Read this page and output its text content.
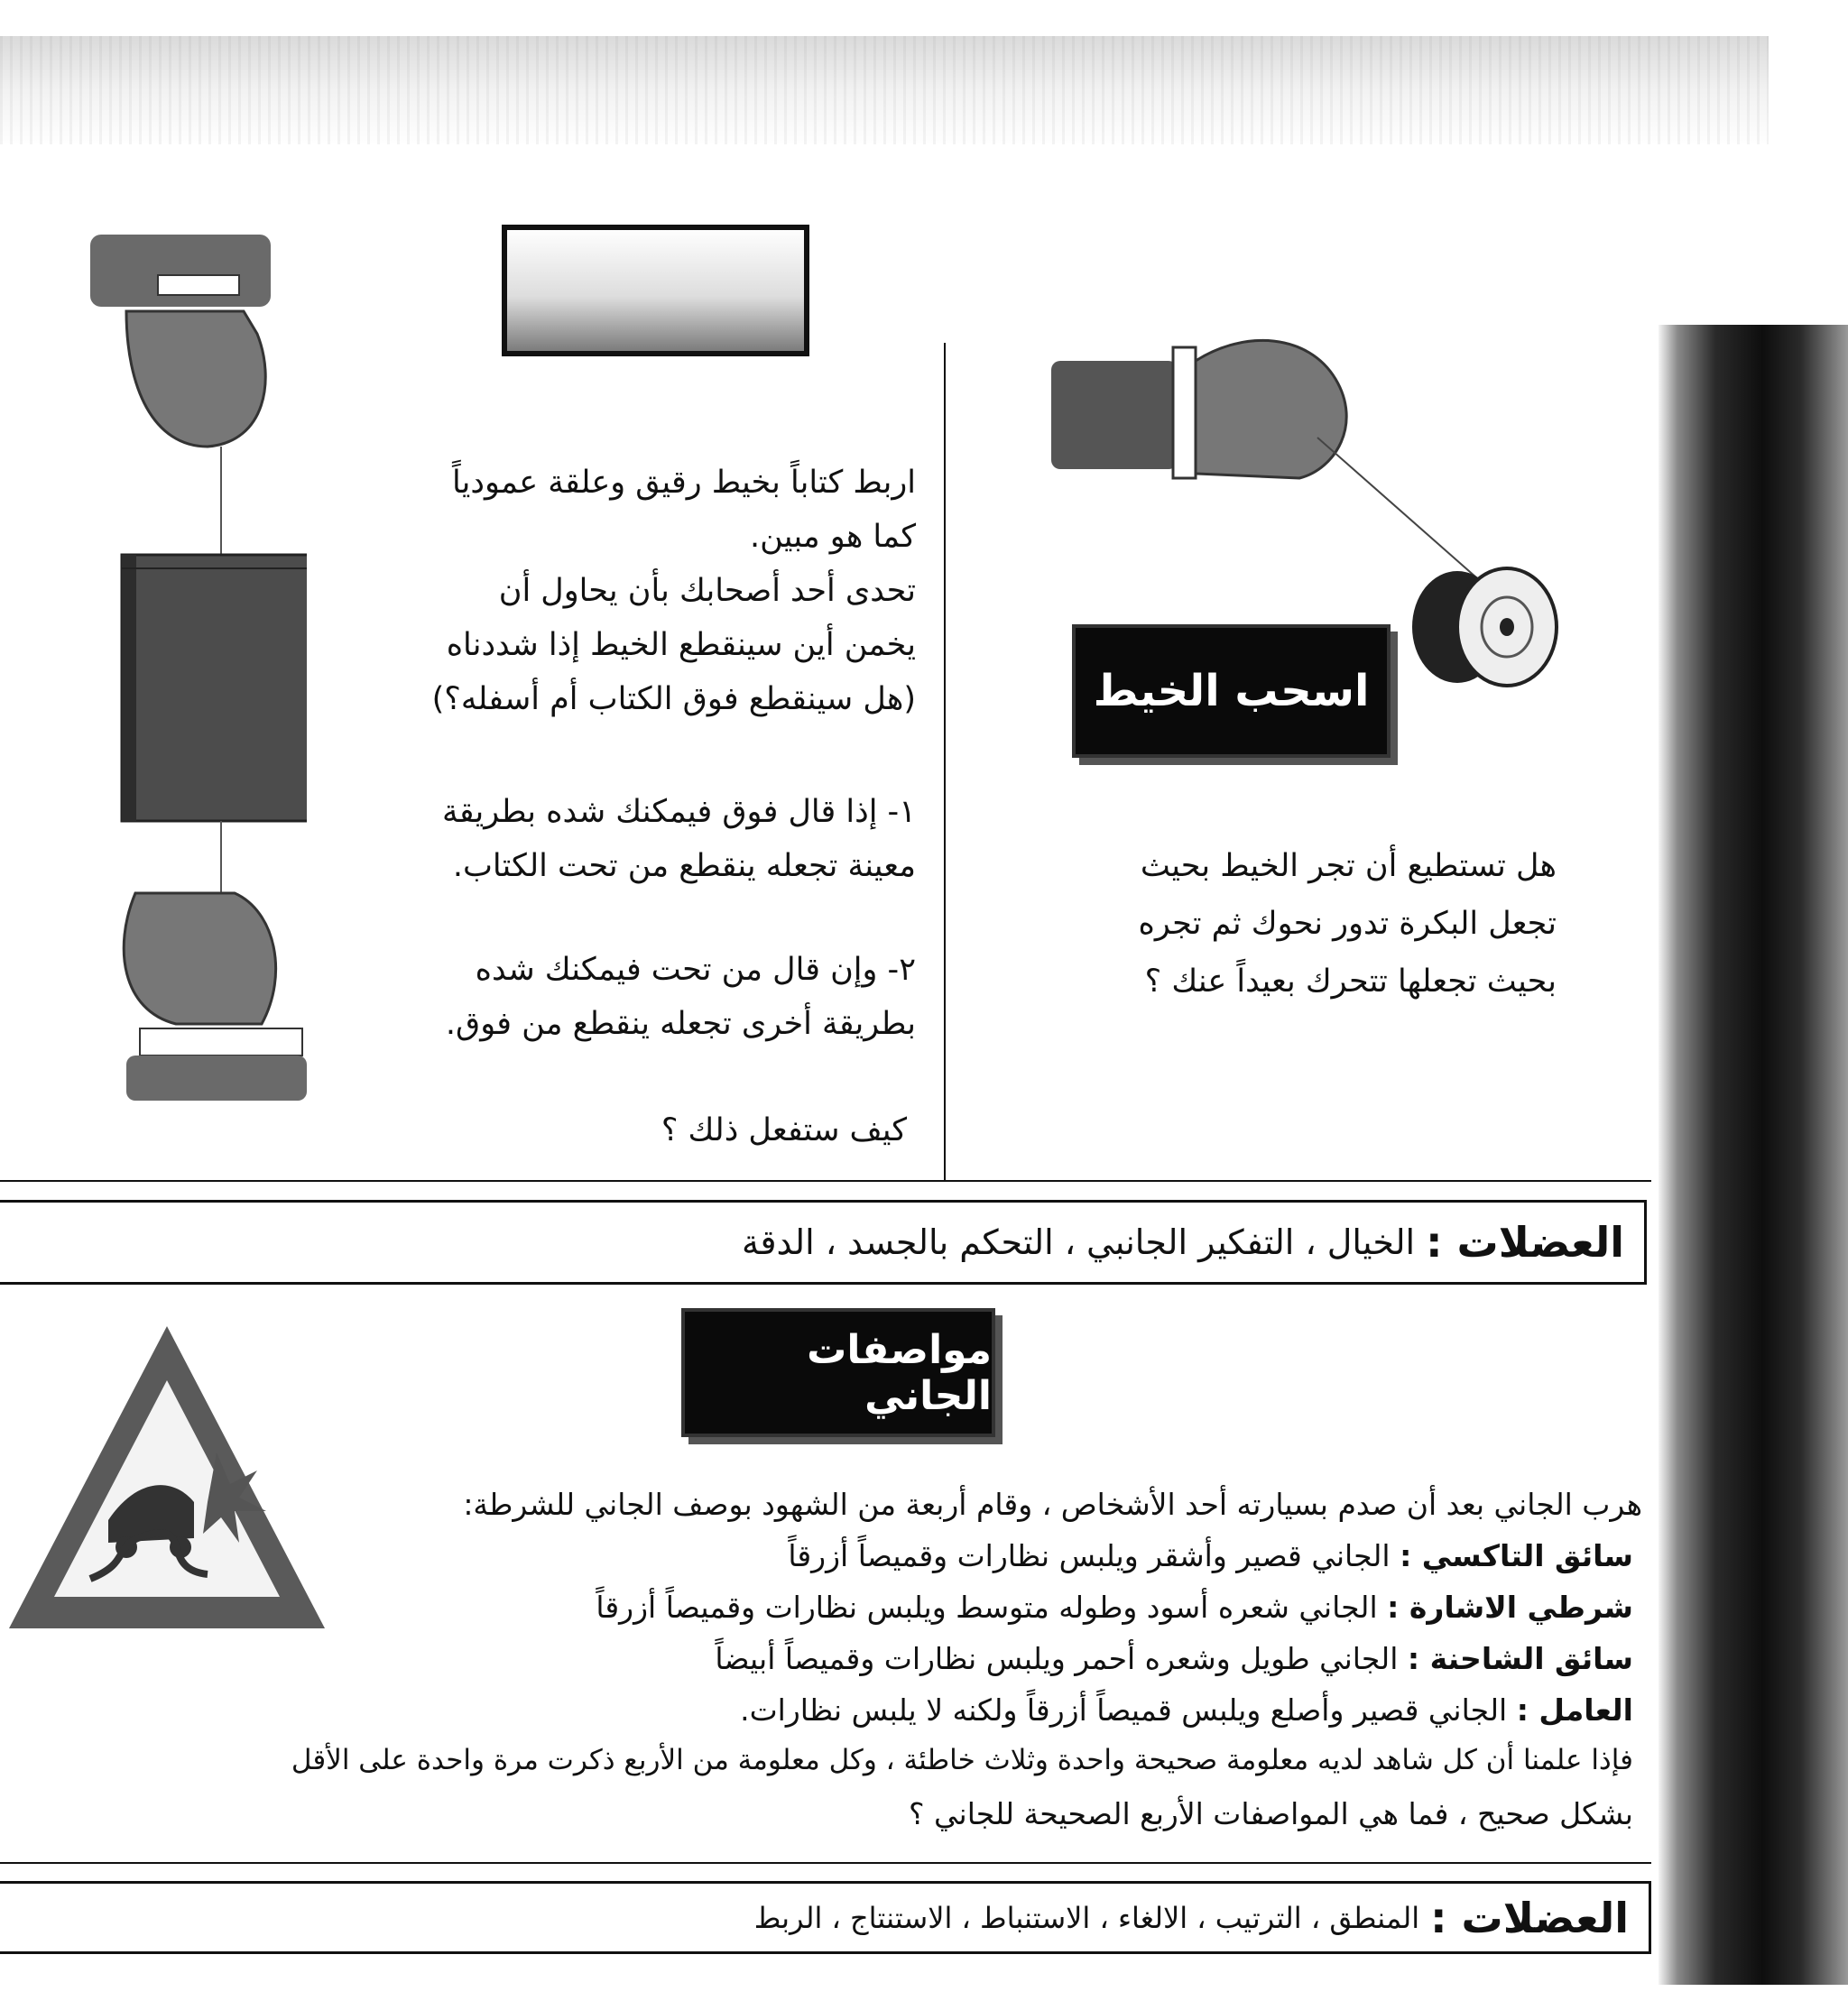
اسحب الخيط

هل تستطيع أن تجر الخيط بحيث

تجعل البكرة تدور نحوك ثم تجره

بحيث تجعلها تتحرك بعيداً عنك ؟

اربط كتاباً بخيط رقيق وعلقة عمودياً

كما هو مبين.

تحدى أحد أصحابك بأن يحاول أن

يخمن أين سينقطع الخيط إذا شددناه

(هل سينقطع فوق الكتاب أم أسفله؟)

١- إذا قال فوق فيمكنك شده بطريقة

معينة تجعله ينقطع من تحت الكتاب.

٢- وإن قال من تحت فيمكنك شده

بطريقة أخرى تجعله ينقطع من فوق.

كيف ستفعل ذلك ؟
العضلات :
الخيال ، التفكير الجانبي ، التحكم بالجسد ، الدقة
مواصفات الجاني
هرب الجاني بعد أن صدم بسيارته أحد الأشخاص ، وقام أربعة من الشهود بوصف الجاني للشرطة:
سائق التاكسي : الجاني قصير وأشقر ويلبس نظارات وقميصاً أزرقاً
شرطي الاشارة : الجاني شعره أسود وطوله متوسط ويلبس نظارات وقميصاً أزرقاً
سائق الشاحنة : الجاني طويل وشعره أحمر ويلبس نظارات وقميصاً أبيضاً
العامل : الجاني قصير وأصلع ويلبس قميصاً أزرقاً ولكنه لا يلبس نظارات.
فإذا علمنا أن كل شاهد لديه معلومة صحيحة واحدة وثلاث خاطئة ، وكل معلومة من الأربع ذكرت مرة واحدة على الأقل
بشكل صحيح ، فما هي المواصفات الأربع الصحيحة للجاني ؟
العضلات :
المنطق ، الترتيب ، الالغاء ، الاستنباط ، الاستنتاج ، الربط
